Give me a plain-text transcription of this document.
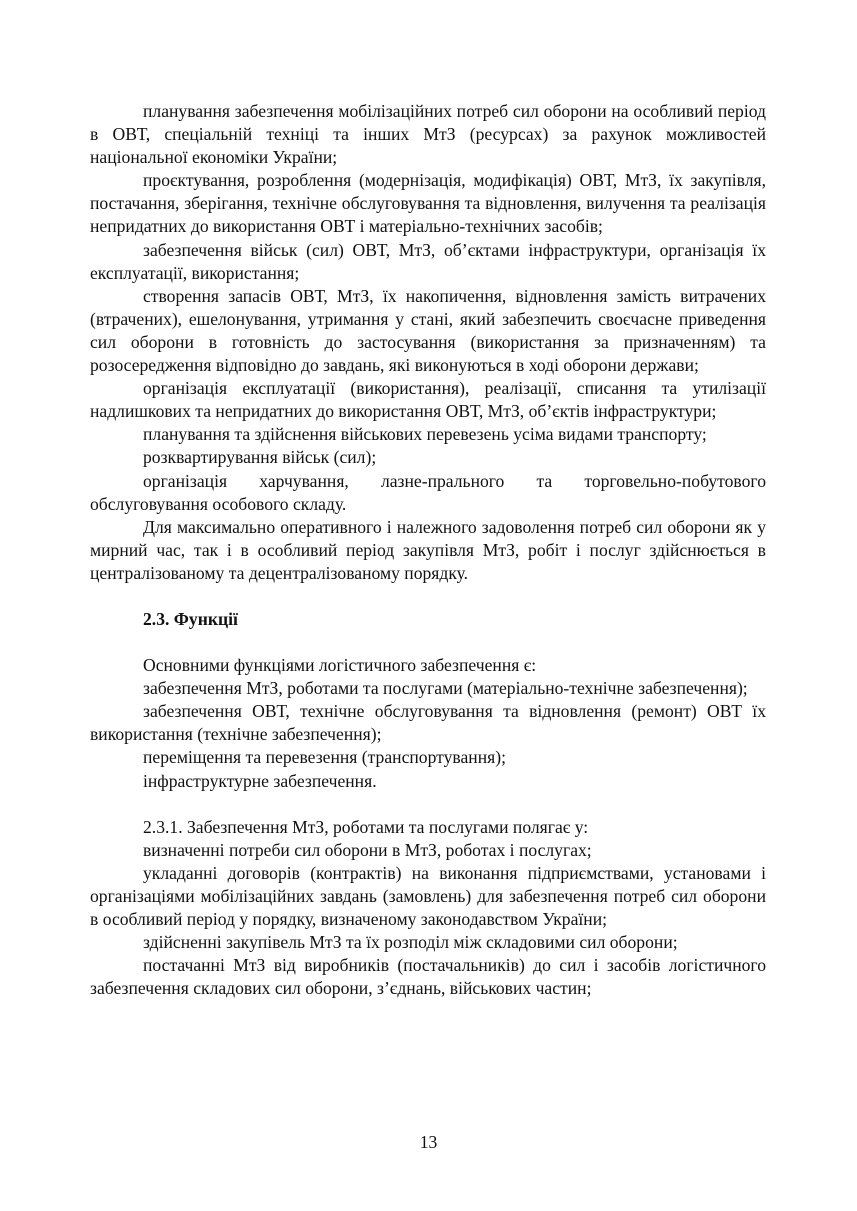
планування забезпечення мобілізаційних потреб сил оборони на особливий період в ОВТ, спеціальній техніці та інших МтЗ (ресурсах) за рахунок можливостей національної економіки України;

проєктування, розроблення (модернізація, модифікація) ОВТ, МтЗ, їх закупівля, постачання, зберігання, технічне обслуговування та відновлення, вилучення та реалізація непридатних до використання ОВТ і матеріально-технічних засобів;

забезпечення військ (сил) ОВТ, МтЗ, об’єктами інфраструктури, організація їх експлуатації, використання;

створення запасів ОВТ, МтЗ, їх накопичення, відновлення замість витрачених (втрачених), ешелонування, утримання у стані, який забезпечить своєчасне приведення сил оборони в готовність до застосування (використання за призначенням) та розосередження відповідно до завдань, які виконуються в ході оборони держави;

організація експлуатації (використання), реалізації, списання та утилізації надлишкових та непридатних до використання ОВТ, МтЗ, об’єктів інфраструктури;

планування та здійснення військових перевезень усіма видами транспорту;

розквартирування військ (сил);

організація харчування, лазне-прального та торговельно-побутового обслуговування особового складу.

Для максимально оперативного і належного задоволення потреб сил оборони як у мирний час, так і в особливий період закупівля МтЗ, робіт і послуг здійснюється в централізованому та децентралізованому порядку.

2.3. Функції

Основними функціями логістичного забезпечення є:

забезпечення МтЗ, роботами та послугами (матеріально-технічне забезпечення);

забезпечення ОВТ, технічне обслуговування та відновлення (ремонт) ОВТ їх використання (технічне забезпечення);

переміщення та перевезення (транспортування);

інфраструктурне забезпечення.

2.3.1. Забезпечення МтЗ, роботами та послугами полягає у:

визначенні потреби сил оборони в МтЗ, роботах і послугах;

укладанні договорів (контрактів) на виконання підприємствами, установами і організаціями мобілізаційних завдань (замовлень) для забезпечення потреб сил оборони в особливий період у порядку, визначеному законодавством України;

здійсненні закупівель МтЗ та їх розподіл між складовими сил оборони;

постачанні МтЗ від виробників (постачальників) до сил і засобів логістичного забезпечення складових сил оборони, з’єднань, військових частин;

13
